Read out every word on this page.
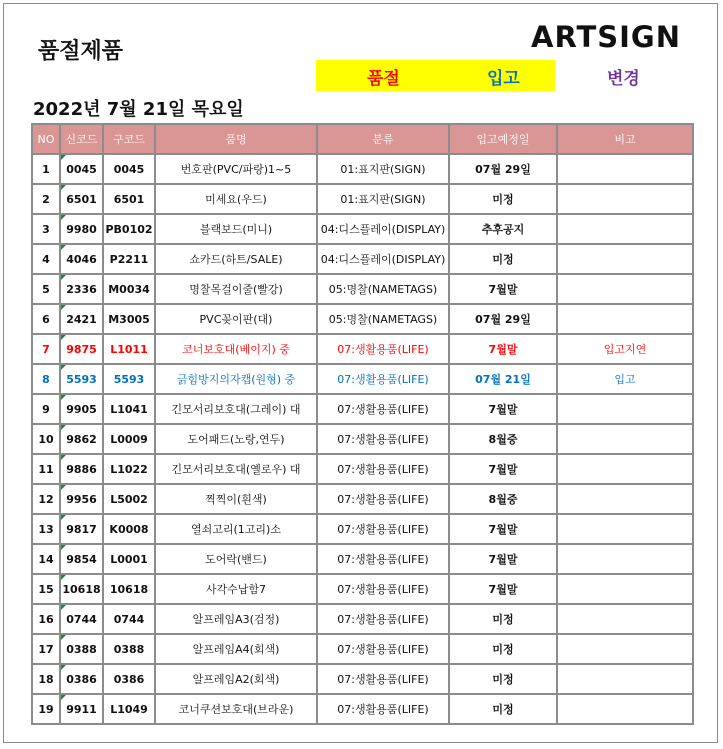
품절제품	ARTSIGN
품절	입고	변경
2022년 7월 21일 목요일
NO	신코드	구코드	품명	분류	입고예정일	비고
1	0045	0045	번호판(PVC/파랑)1~5	01:표지판(SIGN)	07월 29일	
2	6501	6501	미세요(우드)	01:표지판(SIGN)	미정	
3	9980	PB0102	블랙보드(미니)	04:디스플레이(DISPLAY)	추후공지	
4	4046	P2211	쇼카드(하트/SALE)	04:디스플레이(DISPLAY)	미정	
5	2336	M0034	명찰목걸이줄(빨강)	05:명찰(NAMETAGS)	7월말	
6	2421	M3005	PVC꽂이판(대)	05:명찰(NAMETAGS)	07월 29일	
7	9875	L1011	코너보호대(베이지) 중	07:생활용품(LIFE)	7월말	입고지연
8	5593	5593	긁힘방지의자캡(원형) 중	07:생활용품(LIFE)	07월 21일	입고
9	9905	L1041	긴모서리보호대(그레이) 대	07:생활용품(LIFE)	7월말	
10	9862	L0009	도어패드(노랑,연두)	07:생활용품(LIFE)	8월중	
11	9886	L1022	긴모서리보호대(옐로우) 대	07:생활용품(LIFE)	7월말	
12	9956	L5002	찍찍이(흰색)	07:생활용품(LIFE)	8월중	
13	9817	K0008	열쇠고리(1고리)소	07:생활용품(LIFE)	7월말	
14	9854	L0001	도어락(밴드)	07:생활용품(LIFE)	7월말	
15	10618	10618	사각수납함7	07:생활용품(LIFE)	7월말	
16	0744	0744	알프레임A3(검정)	07:생활용품(LIFE)	미정	
17	0388	0388	알프레임A4(회색)	07:생활용품(LIFE)	미정	
18	0386	0386	알프레임A2(회색)	07:생활용품(LIFE)	미정	
19	9911	L1049	코너쿠션보호대(브라운)	07:생활용품(LIFE)	미정	
